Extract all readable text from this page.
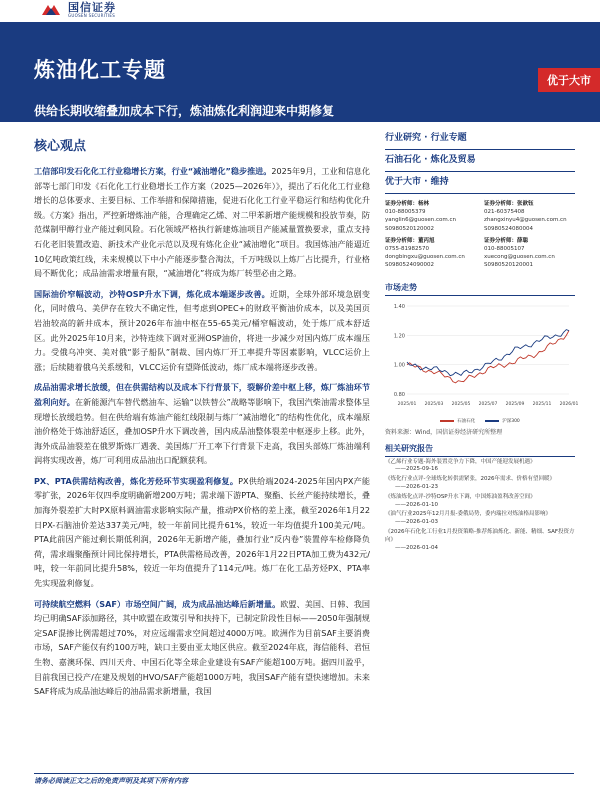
国信证券
GUOSEN SECURITIES
炼油化工专题
供给长期收缩叠加成本下行，炼油炼化利润迎来中期修复
优于大市
核心观点
工信部印发石化化工行业稳增长方案，行业“减油增化”稳步推进。2025年9月，工业和信息化部等七部门印发《石化化工行业稳增长工作方案（2025—2026年）》，提出了石化化工行业稳增长的总体要求、主要目标、工作举措和保障措施，促进石化化工行业平稳运行和结构优化升级。《方案》指出，严控新增炼油产能，合理确定乙烯、对二甲苯新增产能规模和投放节奏，防范煤制甲醇行业产能过剩风险。石化领域严格执行新建炼油项目产能减量置换要求，重点支持石化老旧装置改造、新技术产业化示范以及现有炼化企业“减油增化”项目。我国炼油产能逼近10亿吨政策红线，未来规模以下中小产能逐步整合淘汰，千万吨级以上炼厂占比提升，行业格局不断优化；成品油需求增量有限，“减油增化”将成为炼厂转型必由之路。
国际油价窄幅波动，沙特OSP升水下调，炼化成本端逐步改善。近期，全球外部环境急剧变化，同时俄乌、美伊存在较大不确定性，但考虑到OPEC+的财政平衡油价成本，以及美国页岩油较高的新井成本，预计2026年布油中枢在55-65美元/桶窄幅波动，处于炼厂成本舒适区。此外2025年10月来，沙特连续下调对亚洲OSP油价，将进一步减少对国内炼厂成本端压力。受俄乌冲突、美对俄“影子船队”制裁、国内炼厂开工率提升等因素影响，VLCC运价上涨；后续随着俄乌关系缓和，VLCC运价有望降低波动，炼厂成本端将逐步改善。
成品油需求增长放缓，但在供需结构以及成本下行背景下，裂解价差中枢上移，炼厂炼油环节盈利向好。在新能源汽车替代燃油车、运输“以铁替公”战略等影响下，我国汽柴油需求整体呈现增长放缓趋势。但在供给端有炼油产能红线限制与炼厂“减油增化”的结构性优化，成本端原油价格处于炼油舒适区，叠加OSP升水下调改善，国内成品油整体裂差中枢逐步上移。此外，海外成品油裂差在俄罗斯炼厂遇袭、美国炼厂开工率下行背景下走高，我国头部炼厂炼油端利润将实现改善，炼厂可利用成品油出口配额获利。
PX、PTA供需结构改善，炼化芳烃环节实现盈利修复。PX供给端2024-2025年国内PX产能零扩张，2026年仅四季度明确新增200万吨；需求端下游PTA、聚酯、长丝产能持续增长，叠加海外裂差扩大时PX原料调油需求影响实际产量，推动PX价格的差上涨，截至2026年1月22日PX-石脑油价差达337美元/吨，较一年前同比提升61%，较近一年均值提升100美元/吨。PTA此前因产能过剩长期低利润，2026年无新增产能，叠加行业“反内卷”装置停车检修降负荷，需求端聚酯预计同比保持增长，PTA供需格局改善，2026年1月22日PTA加工费为432元/吨，较一年前同比提升58%，较近一年均值提升了114元/吨。炼厂在化工品芳烃PX、PTA率先实现盈利修复。
可持续航空燃料（SAF）市场空间广阔，成为成品油达峰后新增量。欧盟、美国、日韩、我国均已明确SAF添加路径，其中欧盟在政策引导和扶持下，已制定阶段性目标——2050年强制规定SAF混掺比例需超过70%，对应远端需求空间超过4000万吨。欧洲作为目前SAF主要消费市场，SAF产能仅有约100万吨，缺口主要由亚太地区供应。截至2024年底，海信能科、君恒生物、嘉澳环保、四川天舟、中国石化等全球企业建设有SAF产能超100万吨。据四川盈乎，目前我国已投产/在建及规划的HVO/SAF产能超1000万吨，我国SAF产能有望快速增加。未来SAF将成为成品油达峰后的油品需求新增量，我国
行业研究 · 行业专题
石油石化 · 炼化及贸易
优于大市 · 维持
证券分析师：杨林
010-88005379
yanglin6@guosen.com.cn
S0980520120002
证券分析师：张歆钰
021-60375408
zhangxinyu4@guosen.com.cn
S0980524080004
证券分析师：董丙旭
0755-81982570
dongbingxu@guosen.com.cn
S0980524090002
证券分析师：薛聪
010-88005107
xuecong@guosen.com.cn
S0980520120001
市场走势
1.40
1.20
1.00
0.80
2025/01 2025/03 2025/05 2025/07 2025/09 2025/11 2026/01
石油石化	沪深300
资料来源：Wind，国信证券经济研究所整理
相关研究报告
《乙烯行业专题-海外装置竞争力下降，中国产能迎发展机遇》
——2025-09-16
《炼化行业点评-全球炼化转供需紧张，2026年需求、价格有望回暖》
——2026-01-23
《炼油炼化点评-沙特OSP升水下调，中国炼油盈利改善空间》
——2026-01-10
《油气行业2025年12月月报-委俄局势，委内瑞拉对炼油格局影响》
——2026-01-03
《2026年石化化工行业1月投资策略-推荐炼油炼化、新能、精细、SAF投资方向》
——2026-01-04
请务必阅读正文之后的免责声明及其项下所有内容
